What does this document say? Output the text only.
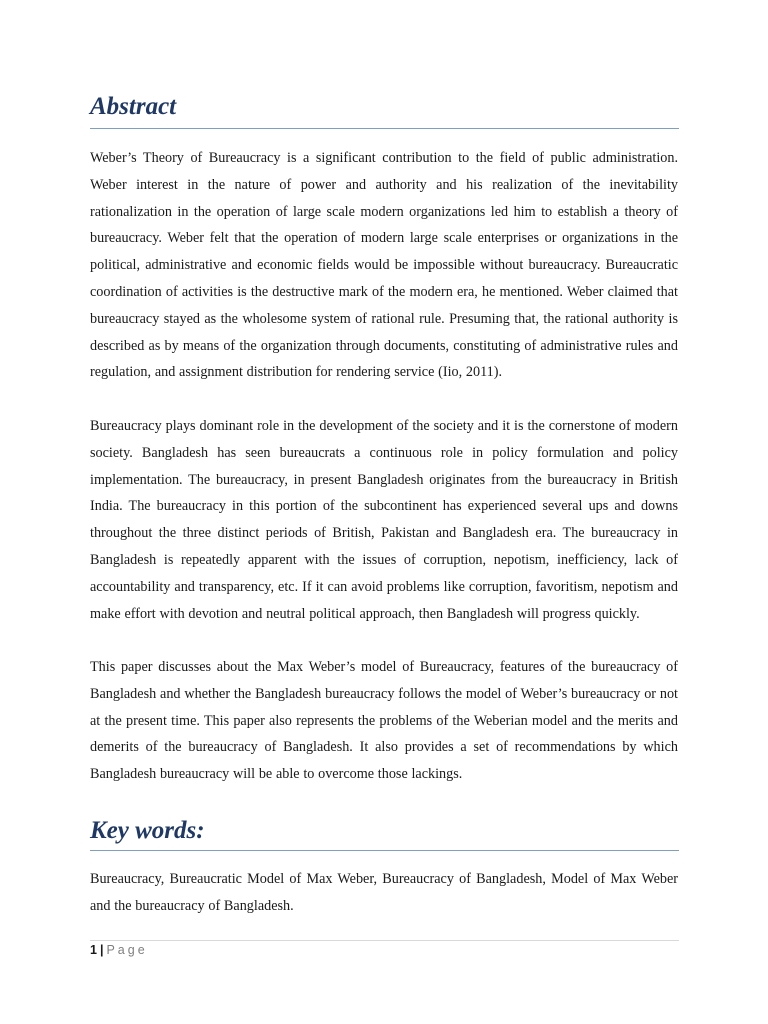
Abstract

Weber’s Theory of Bureaucracy is a significant contribution to the field of public administration. Weber interest in the nature of power and authority and his realization of the inevitability rationalization in the operation of large scale modern organizations led him to establish a theory of bureaucracy. Weber felt that the operation of modern large scale enterprises or organizations in the political, administrative and economic fields would be impossible without bureaucracy. Bureaucratic coordination of activities is the destructive mark of the modern era, he mentioned. Weber claimed that bureaucracy stayed as the wholesome system of rational rule. Presuming that, the rational authority is described as by means of the organization through documents, constituting of administrative rules and regulation, and assignment distribution for rendering service (Iio, 2011).

Bureaucracy plays dominant role in the development of the society and it is the cornerstone of modern society. Bangladesh has seen bureaucrats a continuous role in policy formulation and policy implementation. The bureaucracy, in present Bangladesh originates from the bureaucracy in British India. The bureaucracy in this portion of the subcontinent has experienced several ups and downs throughout the three distinct periods of British, Pakistan and Bangladesh era. The bureaucracy in Bangladesh is repeatedly apparent with the issues of corruption, nepotism, inefficiency, lack of accountability and transparency, etc. If it can avoid problems like corruption, favoritism, nepotism and make effort with devotion and neutral political approach, then Bangladesh will progress quickly.

This paper discusses about the Max Weber’s model of Bureaucracy, features of the bureaucracy of Bangladesh and whether the Bangladesh bureaucracy follows the model of Weber’s bureaucracy or not at the present time. This paper also represents the problems of the Weberian model and the merits and demerits of the bureaucracy of Bangladesh. It also provides a set of recommendations by which Bangladesh bureaucracy will be able to overcome those lackings.

Key words:

Bureaucracy, Bureaucratic Model of Max Weber, Bureaucracy of Bangladesh, Model of Max Weber and the bureaucracy of Bangladesh.

1 | Page
